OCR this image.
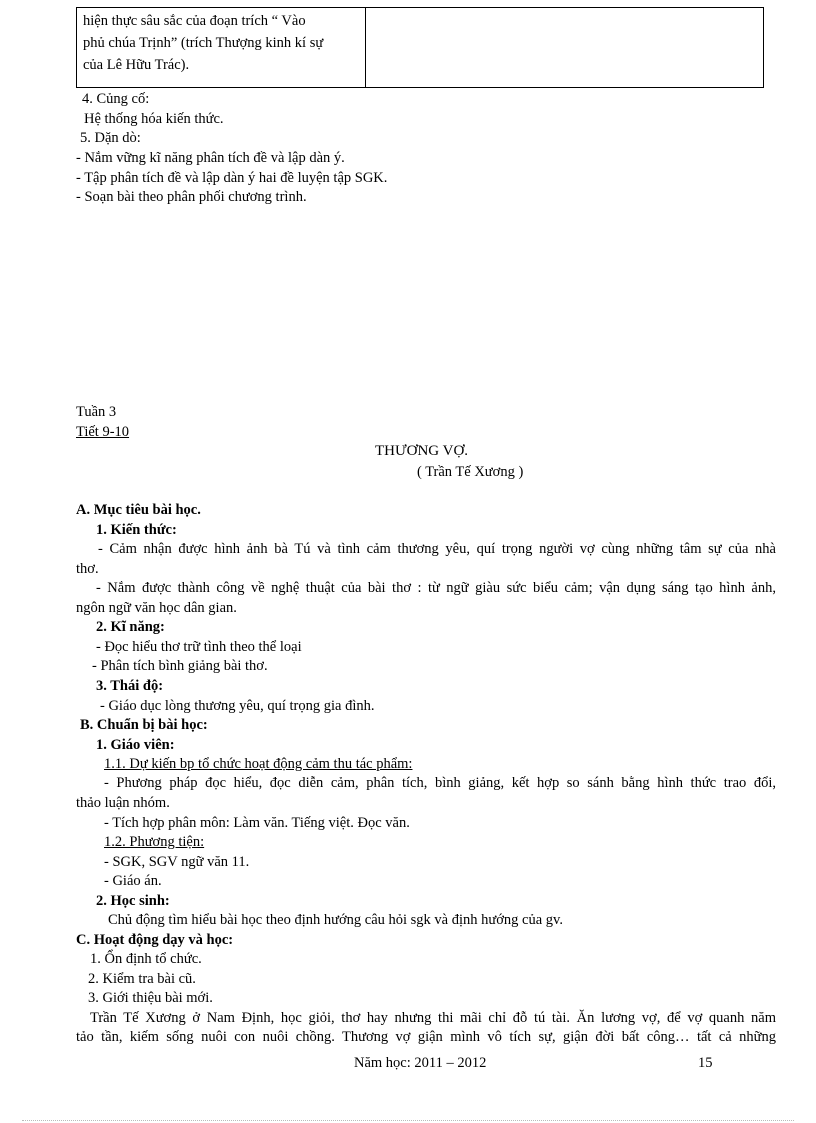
hiện thực sâu sắc của đoạn trích “ Vào
phủ chúa Trịnh” (trích Thượng kinh kí sự
của Lê Hữu Trác).
4. Củng cố:
Hệ thống hóa kiến thức.
5. Dặn dò:
- Nắm vững kĩ năng phân tích đề và lập dàn ý.
- Tập phân tích đề và lập dàn ý hai đề luyện tập SGK.
- Soạn bài theo phân phối chương trình.
Tuần 3
Tiết 9-10
THƯƠNG VỢ.
( Trần Tế Xương )
A. Mục tiêu bài học.
1. Kiến thức:
- Cảm nhận được hình ảnh bà Tú và tình cảm thương yêu, quí trọng người vợ cùng những tâm sự của nhà
thơ.
- Nắm được thành công về nghệ thuật của bài thơ : từ ngữ giàu sức biểu cảm; vận dụng sáng tạo hình ảnh,
ngôn ngữ văn học dân gian.
2. Kĩ năng:
- Đọc hiểu thơ trữ tình theo thể loại
- Phân tích bình giảng bài thơ.
3. Thái độ:
- Giáo dục lòng thương yêu, quí trọng gia đình.
B. Chuẩn bị bài học:
1. Giáo viên:
1.1. Dự kiến bp tổ chức hoạt động cảm thu tác phẩm:
- Phương pháp đọc hiểu, đọc diễn cảm, phân tích, bình giảng, kết hợp so sánh bằng hình thức trao đổi,
thảo luận nhóm.
- Tích hợp phân môn: Làm văn. Tiếng việt. Đọc văn.
1.2. Phương tiện:
- SGK, SGV ngữ văn 11.
- Giáo án.
2. Học sinh:
Chủ động tìm hiểu bài học theo định hướng câu hỏi sgk và định hướng của gv.
C. Hoạt động dạy và học:
1. Ổn định tổ chức.
2. Kiểm tra bài cũ.
3. Giới thiệu bài mới.
Trần Tế Xương ở Nam Định, học giỏi, thơ hay nhưng thi mãi chỉ đỗ tú tài. Ăn lương vợ, để vợ quanh năm
tảo tần, kiếm sống nuôi con nuôi chồng. Thương vợ giận mình vô tích sự, giận đời bất công… tất cả những
Năm học: 2011 – 2012	15
